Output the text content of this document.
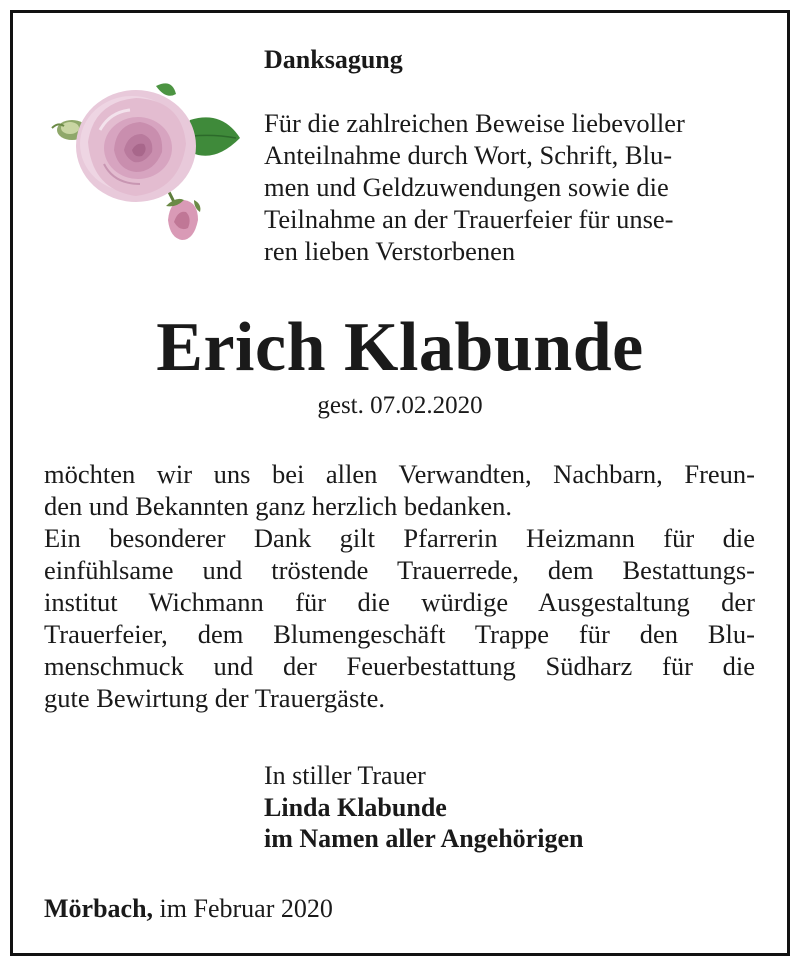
Danksagung
Für die zahlreichen Beweise liebevoller
Anteilnahme durch Wort, Schrift, Blu-
men und Geldzuwendungen sowie die
Teilnahme an der Trauerfeier für unse-
ren lieben Verstorbenen
Erich Klabunde
gest. 07.02.2020
möchten wir uns bei allen Verwandten, Nachbarn, Freun-
den und Bekannten ganz herzlich bedanken.
Ein besonderer Dank gilt Pfarrerin Heizmann für die
einfühlsame und tröstende Trauerrede, dem Bestattungs-
institut Wichmann für die würdige Ausgestaltung der
Trauerfeier, dem Blumengeschäft Trappe für den Blu-
menschmuck und der Feuerbestattung Südharz für die
gute Bewirtung der Trauergäste.
In stiller Trauer
Linda Klabunde
im Namen aller Angehörigen
Mörbach, im Februar 2020
